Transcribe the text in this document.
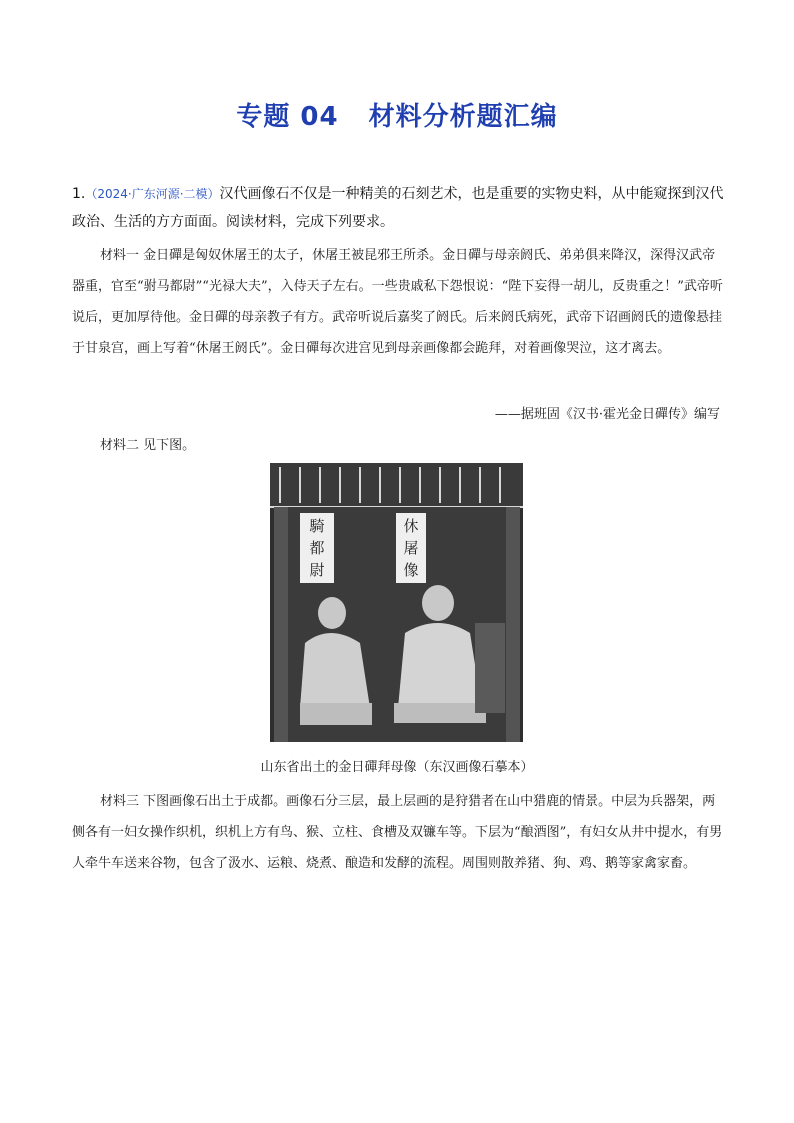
专题 04 材料分析题汇编
1.（2024·广东河源·二模）汉代画像石不仅是一种精美的石刻艺术，也是重要的实物史料，从中能窥探到汉代政治、生活的方方面面。阅读材料，完成下列要求。
材料一 金日磾是匈奴休屠王的太子，休屠王被昆邪王所杀。金日磾与母亲阏氏、弟弟俱来降汉，深得汉武帝器重，官至“驸马都尉”“光禄大夫”，入侍天子左右。一些贵戚私下怨恨说：“陛下妄得一胡儿，反贵重之！”武帝听说后，更加厚待他。金日磾的母亲教子有方。武帝听说后嘉奖了阏氏。后来阏氏病死，武帝下诏画阏氏的遗像悬挂于甘泉宫，画上写着“休屠王阏氏”。金日磾每次进宫见到母亲画像都会跪拜，对着画像哭泣，这才离去。
——据班固《汉书·霍光金日磾传》编写
材料二 见下图。
騎
都
尉
休
屠
像
山东省出土的金日磾拜母像（东汉画像石摹本）
材料三 下图画像石出土于成都。画像石分三层，最上层画的是狩猎者在山中猎鹿的情景。中层为兵器架，两侧各有一妇女操作织机，织机上方有鸟、猴、立柱、食槽及双镰车等。下层为“酿酒图”，有妇女从井中提水，有男人牵牛车送来谷物，包含了汲水、运粮、烧煮、酿造和发酵的流程。周围则散养猪、狗、鸡、鹅等家禽家畜。
